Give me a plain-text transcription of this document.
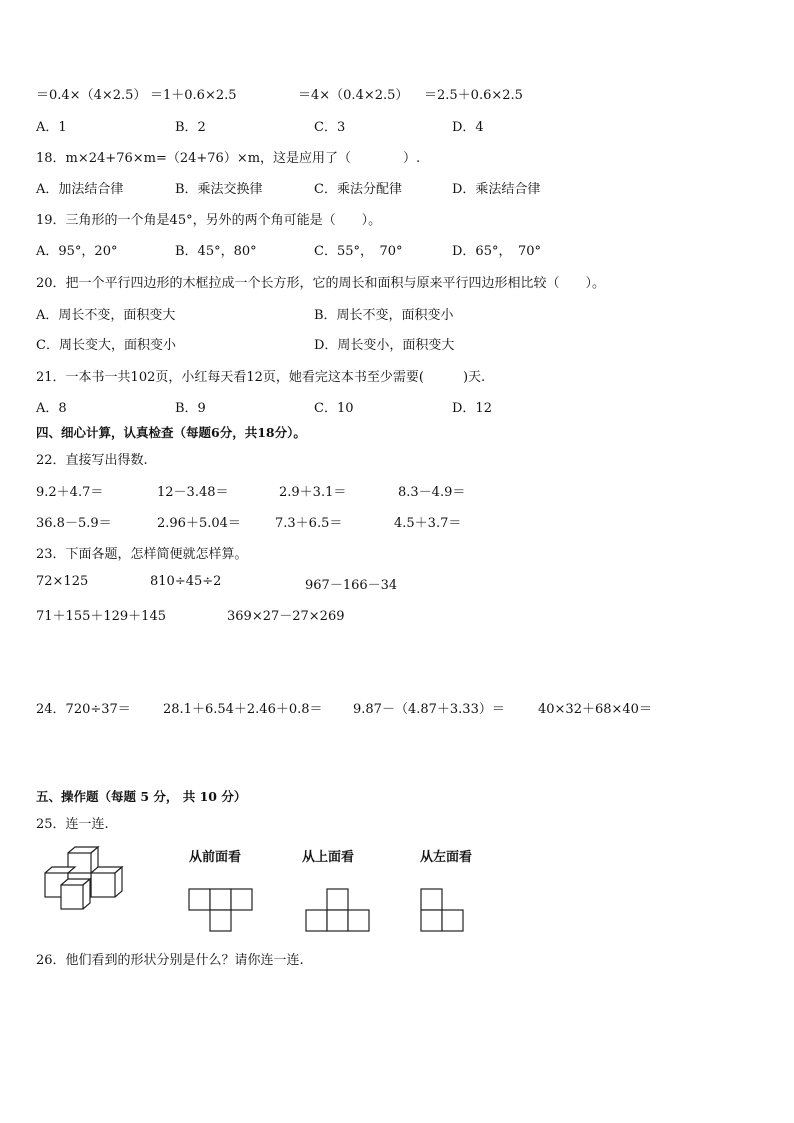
＝0.4×（4×2.5） ＝1＋0.6×2.5	＝4×（0.4×2.5） ＝2.5＋0.6×2.5
A．1	B．2	C．3	D．4
18．m×24+76×m=（24+76）×m，这是应用了（　　　　）.
A．加法结合律	B．乘法交换律	C．乘法分配律	D．乘法结合律
19．三角形的一个角是45°，另外的两个角可能是（　　）。
A．95°，20°	B．45°，80°	C．55°，　70°	D．65°，　70°
20．把一个平行四边形的木框拉成一个长方形，它的周长和面积与原来平行四边形相比较（　　）。
A．周长不变，面积变大	B．周长不变，面积变小
C．周长变大，面积变小	D．周长变小，面积变大
21．一本书一共102页，小红每天看12页，她看完这本书至少需要(　　　)天.
A．8	B．9	C．10	D．12
四、细心计算，认真检查（每题6分，共18分）。
22．直接写出得数.
9.2＋4.7＝	12－3.48＝	2.9＋3.1＝	8.3－4.9＝
36.8－5.9＝	2.96＋5.04＝	7.3＋6.5＝	4.5＋3.7＝
23．下面各题，怎样简便就怎样算。
72×125	810÷45÷2	967－166－34
71＋155＋129＋145	369×27－27×269
24．720÷37＝ 28.1＋6.54＋2.46＋0.8＝ 9.87－（4.87＋3.33）＝	40×32＋68×40＝
五、操作题（每题 5 分， 共 10 分）
25．连一连.
从前面看	从上面看	从左面看
26．他们看到的形状分别是什么？请你连一连.
